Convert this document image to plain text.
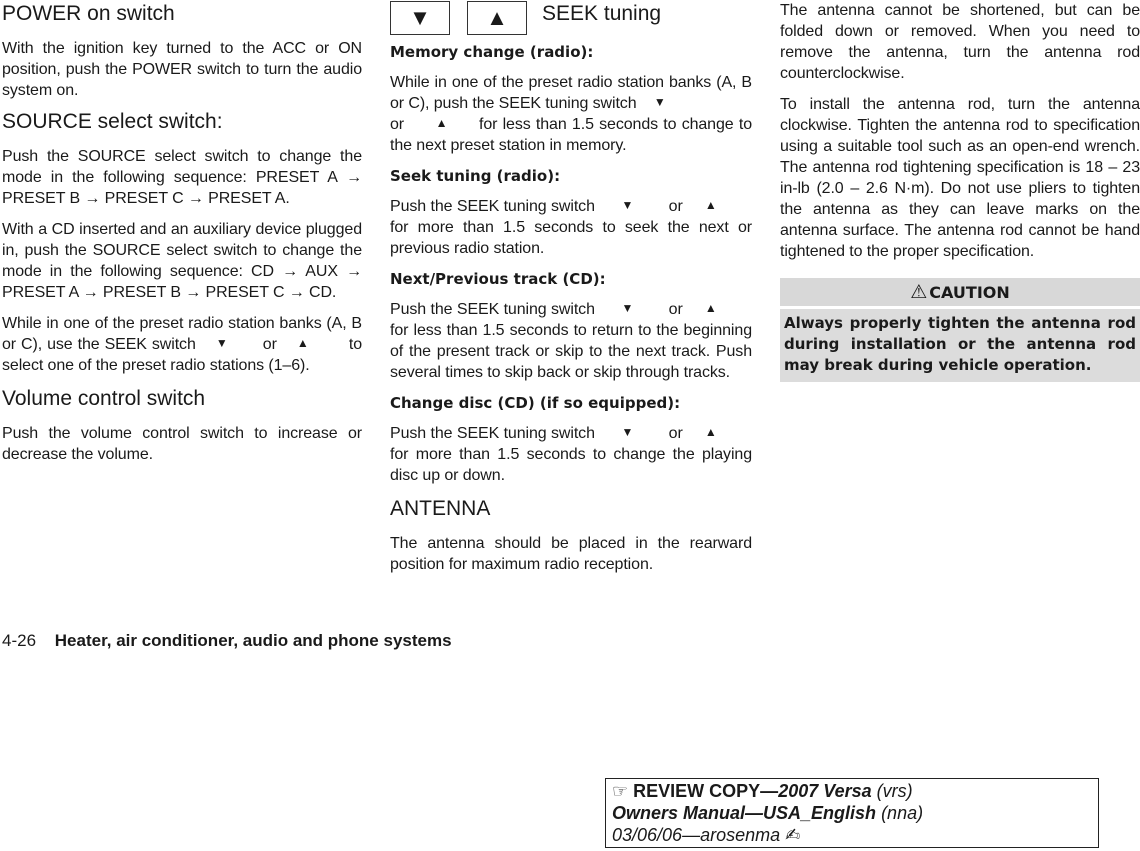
POWER on switch

With the ignition key turned to the ACC or ON position, push the POWER switch to turn the audio system on.

SOURCE select switch:

Push the SOURCE select switch to change the mode in the following sequence: PRESET A → PRESET B → PRESET C → PRESET A.

With a CD inserted and an auxiliary device plugged in, push the SOURCE select switch to change the mode in the following sequence: CD → AUX → PRESET A → PRESET B → PRESET C → CD.

While in one of the preset radio station banks (A, B or C), use the SEEK switch ▼ or ▲	to select one of the preset radio stations (1–6).

Volume control switch

Push the volume control switch to increase or decrease the volume.

▼	▲ SEEK tuning
Memory change (radio):

While in one of the preset radio station banks (A, B or C), push the SEEK tuning switch ▼
or	▲ for less than 1.5 seconds to change to the next preset station in memory.

Seek tuning (radio):

Push the SEEK tuning switch ▼ or ▲         for more than 1.5 seconds to seek the next or previous radio station.

Next/Previous track (CD):

Push the SEEK tuning switch ▼ or ▲         for less than 1.5 seconds to return to the beginning of the present track or skip to the next track. Push several times to skip back or skip through tracks.

Change disc (CD) (if so equipped):

Push the SEEK tuning switch ▼ or ▲         for more than 1.5 seconds to change the playing disc up or down.

ANTENNA

The antenna should be placed in the rearward position for maximum radio reception.

The antenna cannot be shortened, but can be folded down or removed. When you need to remove the antenna, turn the antenna rod counterclockwise.

To install the antenna rod, turn the antenna clockwise. Tighten the antenna rod to specification using a suitable tool such as an open-end wrench. The antenna rod tightening specification is 18 – 23 in-lb (2.0 – 2.6 N·m). Do not use pliers to tighten the antenna as they can leave marks on the antenna surface. The antenna rod cannot be hand tightened to the proper specification.

⚠ CAUTION
Always properly tighten the antenna rod during installation or the antenna rod may break during vehicle operation.
4-26 Heater, air conditioner, audio and phone systems
☞ REVIEW COPY—2007 Versa (vrs)
Owners Manual—USA_English (nna)
03/06/06—arosenma ✍
